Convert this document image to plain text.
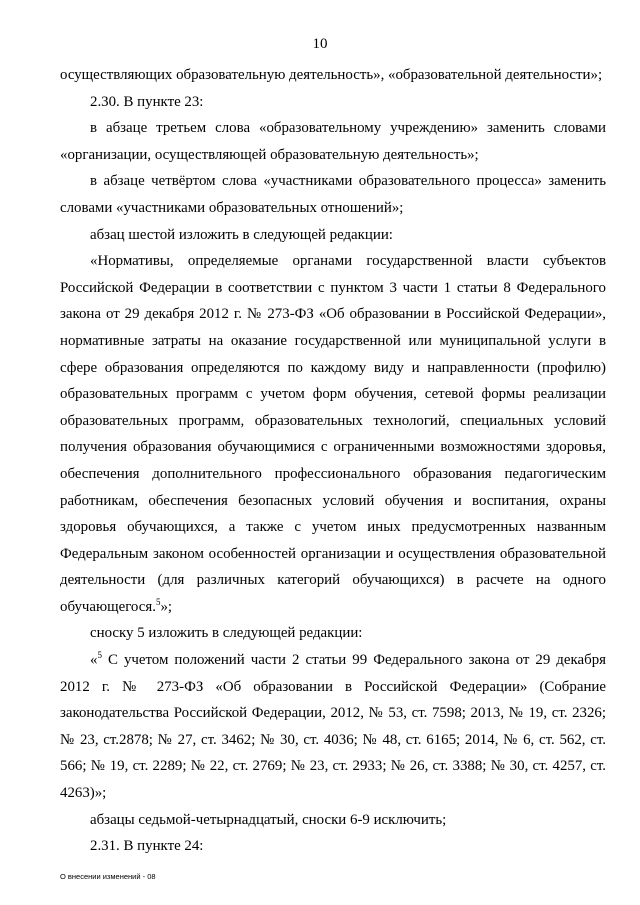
10

осуществляющих образовательную деятельность», «образовательной деятельности»;

2.30. В пункте 23:

в абзаце третьем слова «образовательному учреждению» заменить словами «организации, осуществляющей образовательную деятельность»;

в абзаце четвёртом слова «участниками образовательного процесса» заменить словами «участниками образовательных отношений»;

абзац шестой изложить в следующей редакции:

«Нормативы, определяемые органами государственной власти субъектов Российской Федерации в соответствии с пунктом 3 части 1 статьи 8 Федерального закона от 29 декабря 2012 г. № 273-ФЗ «Об образовании в Российской Федерации», нормативные затраты на оказание государственной или муниципальной услуги в сфере образования определяются по каждому виду и направленности (профилю) образовательных программ с учетом форм обучения, сетевой формы реализации образовательных программ, образовательных технологий, специальных условий получения образования обучающимися с ограниченными возможностями здоровья, обеспечения дополнительного профессионального образования педагогическим работникам, обеспечения безопасных условий обучения и воспитания, охраны здоровья обучающихся, а также с учетом иных предусмотренных названным Федеральным законом особенностей организации и осуществления образовательной деятельности (для различных категорий обучающихся) в расчете на одного обучающегося.$^5$»;

сноску 5 изложить в следующей редакции:

«$^5$ С учетом положений части 2 статьи 99 Федерального закона от 29 декабря 2012 г. № 273-ФЗ «Об образовании в Российской Федерации» (Собрание законодательства Российской Федерации, 2012, № 53, ст. 7598; 2013, № 19, ст. 2326; № 23, ст.2878; № 27, ст. 3462; № 30, ст. 4036; № 48, ст. 6165; 2014, № 6, ст. 562, ст. 566; № 19, ст. 2289; № 22, ст. 2769; № 23, ст. 2933; № 26, ст. 3388; № 30, ст. 4257, ст. 4263)»;

абзацы седьмой-четырнадцатый, сноски 6-9 исключить;

2.31. В пункте 24:

О внесении изменений - 08
